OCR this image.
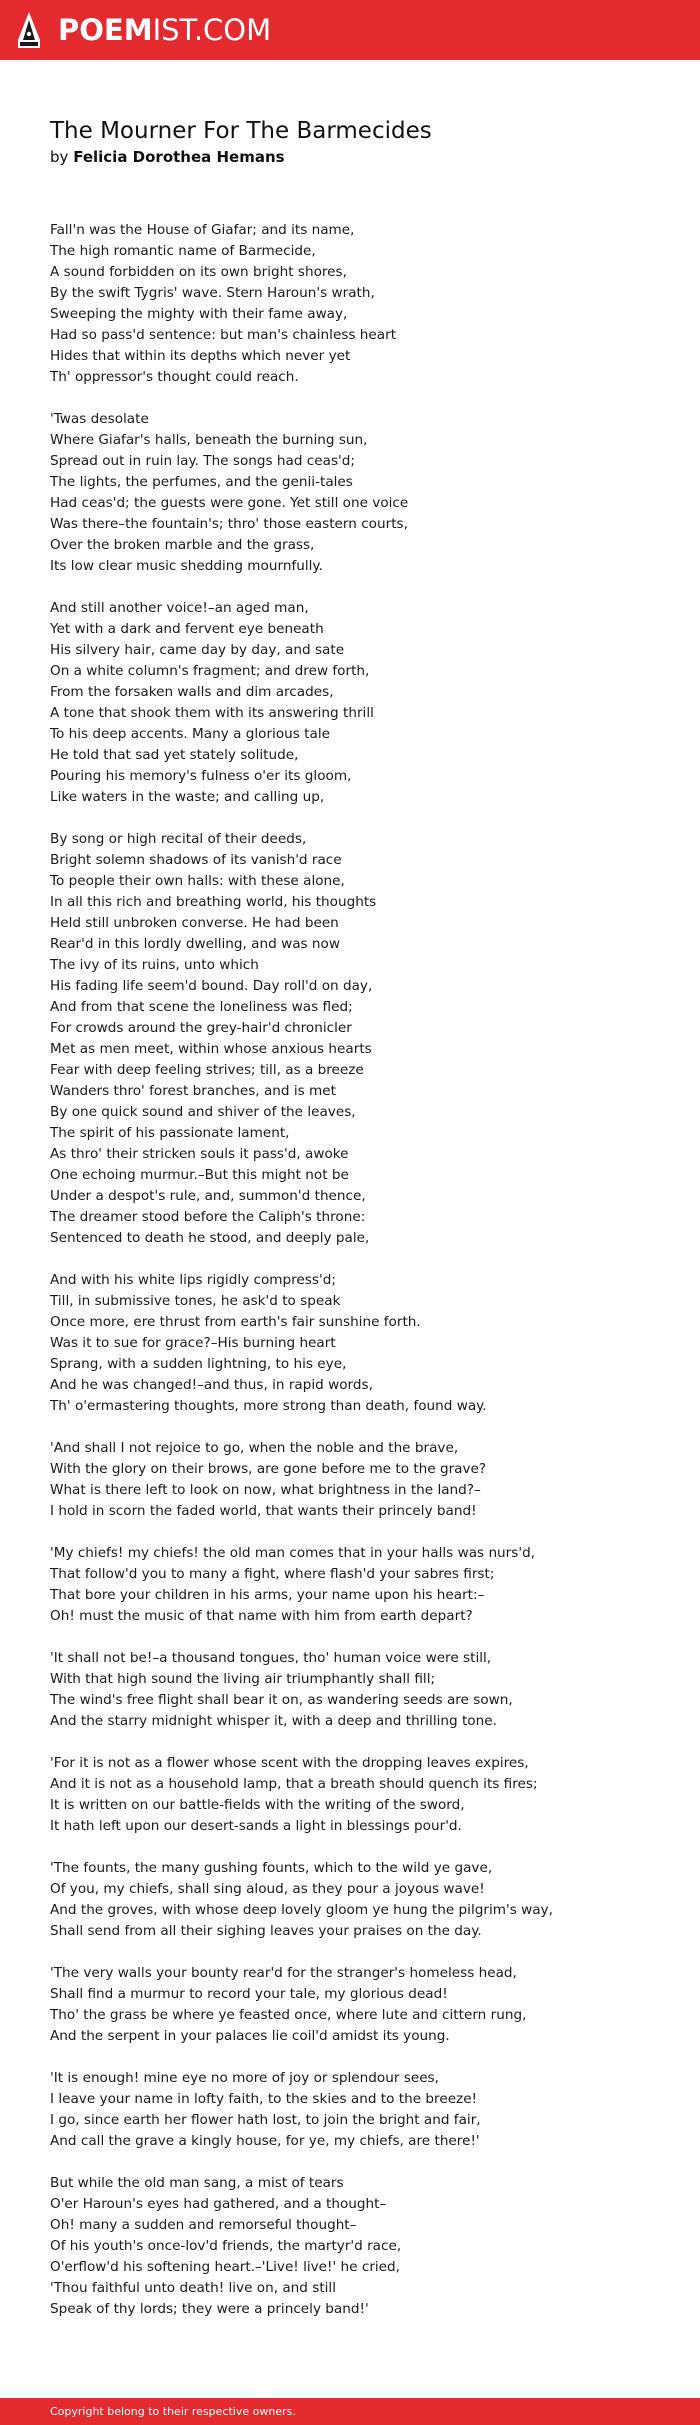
POEMIST.COM
The Mourner For The Barmecides
by Felicia Dorothea Hemans
Fall'n was the House of Giafar; and its name,
The high romantic name of Barmecide,
A sound forbidden on its own bright shores,
By the swift Tygris' wave. Stern Haroun's wrath,
Sweeping the mighty with their fame away,
Had so pass'd sentence: but man's chainless heart
Hides that within its depths which never yet
Th' oppressor's thought could reach.
'Twas desolate
Where Giafar's halls, beneath the burning sun,
Spread out in ruin lay. The songs had ceas'd;
The lights, the perfumes, and the genii-tales
Had ceas'd; the guests were gone. Yet still one voice
Was there–the fountain's; thro' those eastern courts,
Over the broken marble and the grass,
Its low clear music shedding mournfully.
And still another voice!–an aged man,
Yet with a dark and fervent eye beneath
His silvery hair, came day by day, and sate
On a white column's fragment; and drew forth,
From the forsaken walls and dim arcades,
A tone that shook them with its answering thrill
To his deep accents. Many a glorious tale
He told that sad yet stately solitude,
Pouring his memory's fulness o'er its gloom,
Like waters in the waste; and calling up,
By song or high recital of their deeds,
Bright solemn shadows of its vanish'd race
To people their own halls: with these alone,
In all this rich and breathing world, his thoughts
Held still unbroken converse. He had been
Rear'd in this lordly dwelling, and was now
The ivy of its ruins, unto which
His fading life seem'd bound. Day roll'd on day,
And from that scene the loneliness was fled;
For crowds around the grey-hair'd chronicler
Met as men meet, within whose anxious hearts
Fear with deep feeling strives; till, as a breeze
Wanders thro' forest branches, and is met
By one quick sound and shiver of the leaves,
The spirit of his passionate lament,
As thro' their stricken souls it pass'd, awoke
One echoing murmur.–But this might not be
Under a despot's rule, and, summon'd thence,
The dreamer stood before the Caliph's throne:
Sentenced to death he stood, and deeply pale,
And with his white lips rigidly compress'd;
Till, in submissive tones, he ask'd to speak
Once more, ere thrust from earth's fair sunshine forth.
Was it to sue for grace?–His burning heart
Sprang, with a sudden lightning, to his eye,
And he was changed!–and thus, in rapid words,
Th' o'ermastering thoughts, more strong than death, found way.
'And shall I not rejoice to go, when the noble and the brave,
With the glory on their brows, are gone before me to the grave?
What is there left to look on now, what brightness in the land?–
I hold in scorn the faded world, that wants their princely band!
'My chiefs! my chiefs! the old man comes that in your halls was nurs'd,
That follow'd you to many a fight, where flash'd your sabres first;
That bore your children in his arms, your name upon his heart:–
Oh! must the music of that name with him from earth depart?
'It shall not be!–a thousand tongues, tho' human voice were still,
With that high sound the living air triumphantly shall fill;
The wind's free flight shall bear it on, as wandering seeds are sown,
And the starry midnight whisper it, with a deep and thrilling tone.
'For it is not as a flower whose scent with the dropping leaves expires,
And it is not as a household lamp, that a breath should quench its fires;
It is written on our battle-fields with the writing of the sword,
It hath left upon our desert-sands a light in blessings pour'd.
'The founts, the many gushing founts, which to the wild ye gave,
Of you, my chiefs, shall sing aloud, as they pour a joyous wave!
And the groves, with whose deep lovely gloom ye hung the pilgrim's way,
Shall send from all their sighing leaves your praises on the day.
'The very walls your bounty rear'd for the stranger's homeless head,
Shall find a murmur to record your tale, my glorious dead!
Tho' the grass be where ye feasted once, where lute and cittern rung,
And the serpent in your palaces lie coil'd amidst its young.
'It is enough! mine eye no more of joy or splendour sees,
I leave your name in lofty faith, to the skies and to the breeze!
I go, since earth her flower hath lost, to join the bright and fair,
And call the grave a kingly house, for ye, my chiefs, are there!'
But while the old man sang, a mist of tears
O'er Haroun's eyes had gathered, and a thought–
Oh! many a sudden and remorseful thought–
Of his youth's once-lov'd friends, the martyr'd race,
O'erflow'd his softening heart.–'Live! live!' he cried,
'Thou faithful unto death! live on, and still
Speak of thy lords; they were a princely band!'
Copyright belong to their respective owners.
